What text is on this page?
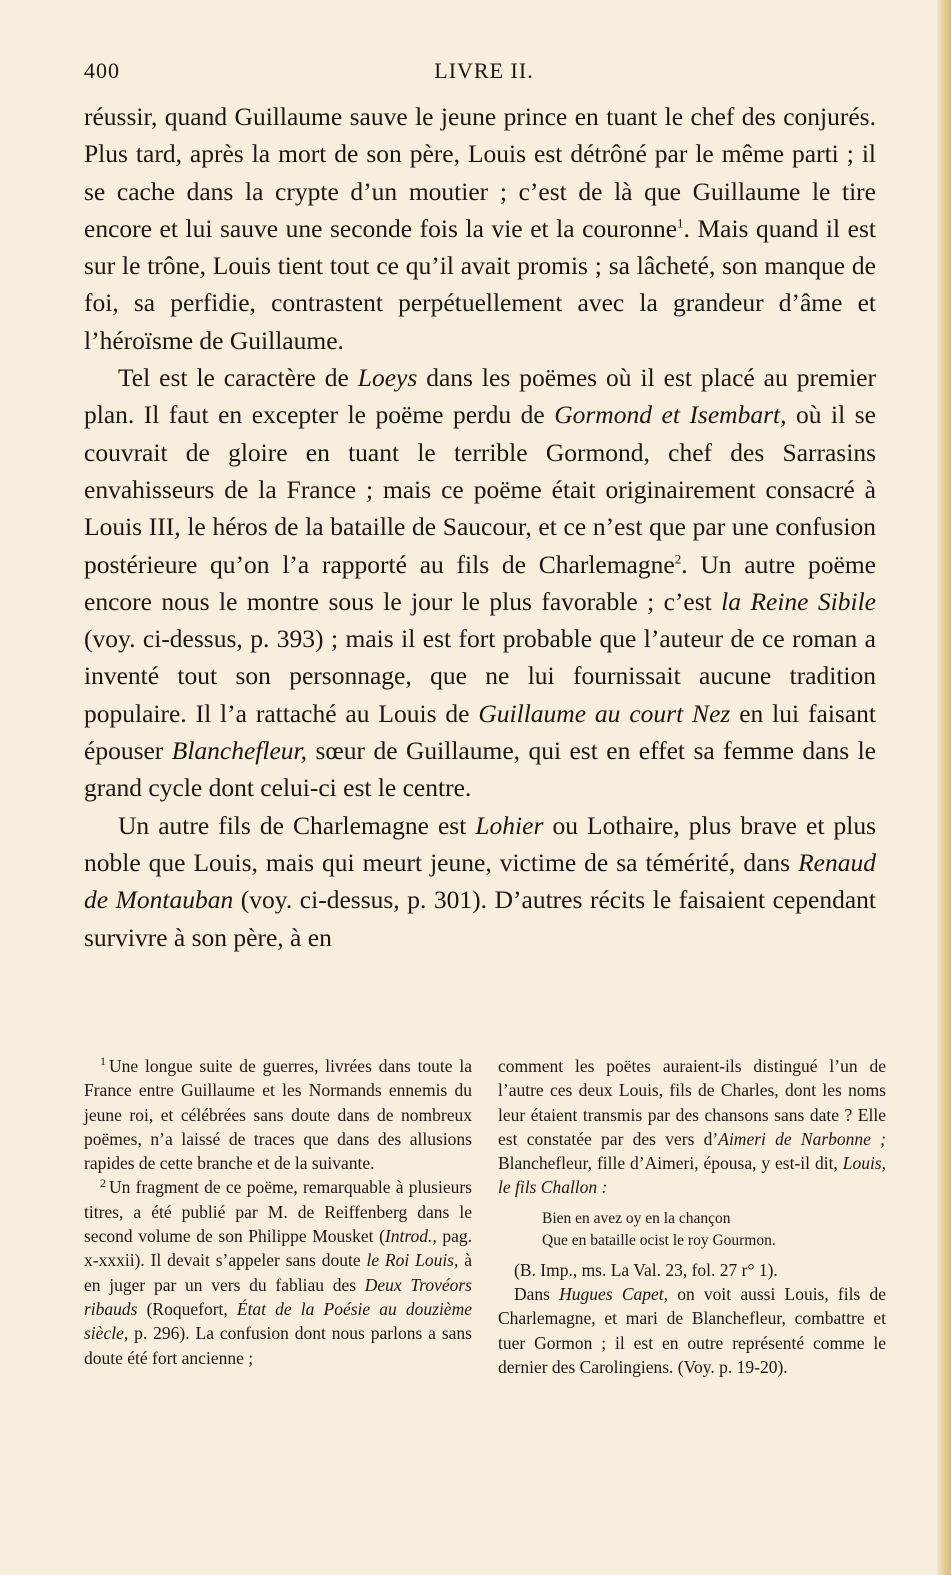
400	LIVRE II.

réussir, quand Guillaume sauve le jeune prince en tuant le chef des conjurés. Plus tard, après la mort de son père, Louis est détrôné par le même parti ; il se cache dans la crypte d’un moutier ; c’est de là que Guillaume le tire encore et lui sauve une seconde fois la vie et la couronne$^1$. Mais quand il est sur le trône, Louis tient tout ce qu’il avait promis ; sa lâcheté, son manque de foi, sa perfidie, contrastent perpétuellement avec la grandeur d’âme et l’héroïsme de Guillaume.

Tel est le caractère de Loeys dans les poëmes où il est placé au premier plan. Il faut en excepter le poëme perdu de Gormond et Isembart, où il se couvrait de gloire en tuant le terrible Gormond, chef des Sarrasins envahisseurs de la France ; mais ce poëme était originairement consacré à Louis III, le héros de la bataille de Saucour, et ce n’est que par une confusion postérieure qu’on l’a rapporté au fils de Charlemagne$^2$. Un autre poëme encore nous le montre sous le jour le plus favorable ; c’est la Reine Sibile (voy. ci-dessus, p. 393) ; mais il est fort probable que l’auteur de ce roman a inventé tout son personnage, que ne lui fournissait aucune tradition populaire. Il l’a rattaché au Louis de Guillaume au court Nez en lui faisant épouser Blanchefleur, sœur de Guillaume, qui est en effet sa femme dans le grand cycle dont celui-ci est le centre.

Un autre fils de Charlemagne est Lohier ou Lothaire, plus brave et plus noble que Louis, mais qui meurt jeune, victime de sa témérité, dans Renaud de Montauban (voy. ci-dessus, p. 301). D’autres récits le faisaient cependant survivre à son père, à en

$^1$ Une longue suite de guerres, livrées dans toute la France entre Guillaume et les Normands ennemis du jeune roi, et célébrées sans doute dans de nombreux poëmes, n’a laissé de traces que dans des allusions rapides de cette branche et de la suivante.

$^2$ Un fragment de ce poëme, remarquable à plusieurs titres, a été publié par M. de Reiffenberg dans le second volume de son Philippe Mousket (Introd., pag. x-xxxii). Il devait s’appeler sans doute le Roi Louis, à en juger par un vers du fabliau des Deux Trovéors ribauds (Roquefort, État de la Poésie au douzième siècle, p. 296). La confusion dont nous parlons a sans doute été fort ancienne ;

comment les poëtes auraient-ils distingué l’un de l’autre ces deux Louis, fils de Charles, dont les noms leur étaient transmis par des chansons sans date ? Elle est constatée par des vers d’Aimeri de Narbonne ; Blanchefleur, fille d’Aimeri, épousa, y est-il dit, Louis, le fils Challon :

Bien en avez oy en la chançon
Que en bataille ocist le roy Gourmon.

(B. Imp., ms. La Val. 23, fol. 27 r° 1).

Dans Hugues Capet, on voit aussi Louis, fils de Charlemagne, et mari de Blanchefleur, combattre et tuer Gormon ; il est en outre représenté comme le dernier des Carolingiens. (Voy. p. 19-20).
